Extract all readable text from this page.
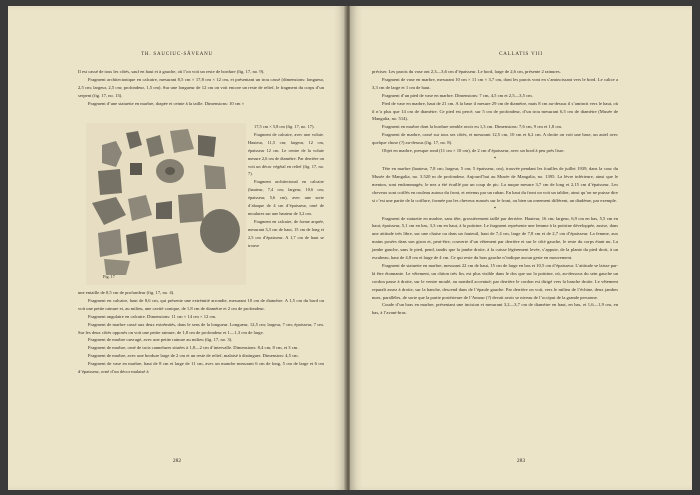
TH. SAUCIUC-SĂVEANU

Il est cassé de tous les côtés, sauf en haut et à gauche, où l’on voit un reste de bordure (fig. 17, no. 9).

Fragment architectonique en calcaire, mesurant 8,5 cm × 17,8 cm × 12 cm, et présentant un trou cassé (dimensions: longueur, 2,5 cm; largeur, 2,5 cm; profondeur, 1,5 cm). Sur une longueur de 12 cm on voit encore un reste de relief, le fragment du corps d’un serpent (fig. 17, no. 13).

Fragment d’une statuette en marbre, drapée et ceinte à la taille. Dimensions: 10 cm ×

Fig. 17

17,5 cm × 5,8 cm (fig. 17, no. 17).

Fragment de calcaire, avec une volute. Hauteur, 11,5 cm; largeur, 12 cm, épaisseur 12 cm. Le centre de la volute mesure 2,6 cm de diamètre. Par derrière on voit un décor végétal en relief (fig. 17, no. 7).

Fragment architectonal en calcaire (hauteur, 7,4 cm; largeur, 10,6 cm; épaisseur, 5,6 cm), avec une sorte d’abaque de 4 cm d’épaisseur, orné de moulures sur une hauteur de 3,2 cm.

Fragment en calcaire, de forme arquée, mesurant 3,3 cm de haut, 15 cm de long et 2,5 cm d’épaisseur. A 1,7 cm de haut se trouve

une entaille de 0,5 cm de profondeur (fig. 17, no. 4).

Fragment en calcaire, haut de 8,6 cm, qui présente une extrémité arrondie, mesurant 10 cm de diamètre. A 1,5 cm du bord on voit une petite rainure et, au milieu, une cavité conique, de 1,8 cm de diamètre et 2 cm de profondeur.

Fragment angulaire en calcaire. Dimensions: 11 cm × 14 cm × 12 cm.

Fragment de marbre cassé aux deux extrémités, dans le sens de la longueur. Longueur, 12,5 cm; largeur, 7 cm; épaisseur, 7 cm. Sur les deux côtés opposés on voit une petite rainure, de 1,8 cm de profondeur et 1—1,3 cm de large.

Fragment de marbre ouvragé, avec une petite rainure au milieu (fig. 17, no. 3).

Fragment de marbre, orné de trois cannelures situées à 1,8—2 cm d’intervalle. Dimensions: 8,4 cm, 8 cm, et 3 cm.

Fragment de marbre, avec une bordure large de 2 cm et un reste de relief, malaisé à distinguer. Dimension: 4,5 cm.

Fragment de vase en marbre, haut de 8 cm et large de 11 cm, avec un manche mesurant 6 cm de long, 5 cm de large et 6 cm d’épaisseur, orné d’un décor malaisé à

282
CALLATIS VIII

préciser. Les parois du vase ont 2,3—3,6 cm d’épaisseur. Le bord, large de 2,6 cm, présente 2 rainures.

Fragment de vase en marbre, mesurant 10 cm × 11 cm × 3,7 cm, dont les parois vont en s’amincissant vers le bord. Le calice a 3,3 cm de large et 1 cm de haut.

Fragment d’un pied de vase en marbre. Dimensions: 7 cm, 4,5 cm et 2,5—3,5 cm.

Pied de vase en marbre, haut de 21 cm. A la base il mesure 29 cm de diamètre, mais 8 cm au-dessus il s’amincit vers le haut, où il n’a plus que 14 cm de diamètre. Ce pied est percé, sur 5 cm de profondeur, d’un trou mesurant 6,5 cm de diamètre (Musée de Mangalia, no. 514).

Fragment en marbre dont la bordure semble avoir eu 1,3 cm. Dimensions: 7,6 cm, 9 cm et 1,8 cm.

Fragment de marbre, cassé sur tous ses côtés, et mesurant 12,5 cm, 10 cm et 6,2 cm. A droite on voit une base, un autel avec quelque chose (?) au-dessus (fig. 17, no. 8).

Objet en marbre, presque rond (11 cm × 10 cm), de 2 cm d’épaisseur, avec un bord à peu près lisse.

*

Tête en marbre (hauteur, 7,8 cm; largeur, 5 cm; 5 épaisseur, cm), trouvée pendant les fouilles de juillet 1939, dans la cour du Musée de Mangalia, no. 3.520 m de profondeur. Aujourd’hui au Musée de Mangalia, no. 1395. La lèvre inférieure, ainsi que le menton, sont endommagés; le nez a été écaillé par un coup de pic. La nuque mesure 3,7 cm de long et 2,15 cm d’épaisseur. Les cheveux sont coiffés en rouleau autour du front, et retenus par un ruban. En haut du front on voit un tablier, ainsi qu’on ne puisse dire si c’est une partie de la coiffure, formée par les cheveux massés sur le front, ou bien un ornement différent, un diadème, par exemple.

*

Fragment de statuette en marbre, sans tête, grossièrement taillé par derrière. Hauteur, 16 cm; largeur, 6,9 cm en bas, 5,5 cm en haut; épaisseur, 5,1 cm en bas, 3,3 cm en haut, à la poitrine. Le fragment représente une femme à la poitrine développée, assise, dans une attitude très libre, sur une chaise ou dans un fauteuil, haut de 7,4 cm, large de 7,8 cm et de 2,7 cm d’épaisseur. La femme, aux mains posées dans son giron et, peut-être, couverte d’un vêtement par derrière et sur le côté gauche, le reste du corps étant nu. La jambe gauche, sans le pied, pend, tandis que la jambe droite, à la cuisse légèrement levée, s’appuie, de la plante du pied droit, à un escabeau, haut de 4,8 cm et large de 4 cm. Ce qui reste du bras gauche n’indique aucun geste en mouvement.

Fragment de statuette en marbre, mesurant 22 cm de haut, 15 cm de large en bas et 10,5 cm d’épaisseur. L’attitude se laisse par-là être étonnante. Le vêtement, un chiton très fin, est plus visible dans le dos que sur la poitrine, où, au-dessous du sein gauche un cordon passe à droite, sur le ventre moulé, au nombril accentué; par derrière le cordon est dirigé vers la hanche droite. Le vêtement reparaît assez à droite, sur la hanche, descend dans de l’épaule gauche. Par derrière on voit, vers le milieu de l’échine, deux jambes nues, parallèles, de sorte que la partie postérieure de l’Amour (?) devait avoir se niveau de l’occiput de la grande personne.

Coude d’un bras en marbre, présentant une incision et mesurant 3,2—3,7 cm de diamètre en haut, en bas, et 1,6—1,9 cm, en bas, à l’avant-bras.

283
